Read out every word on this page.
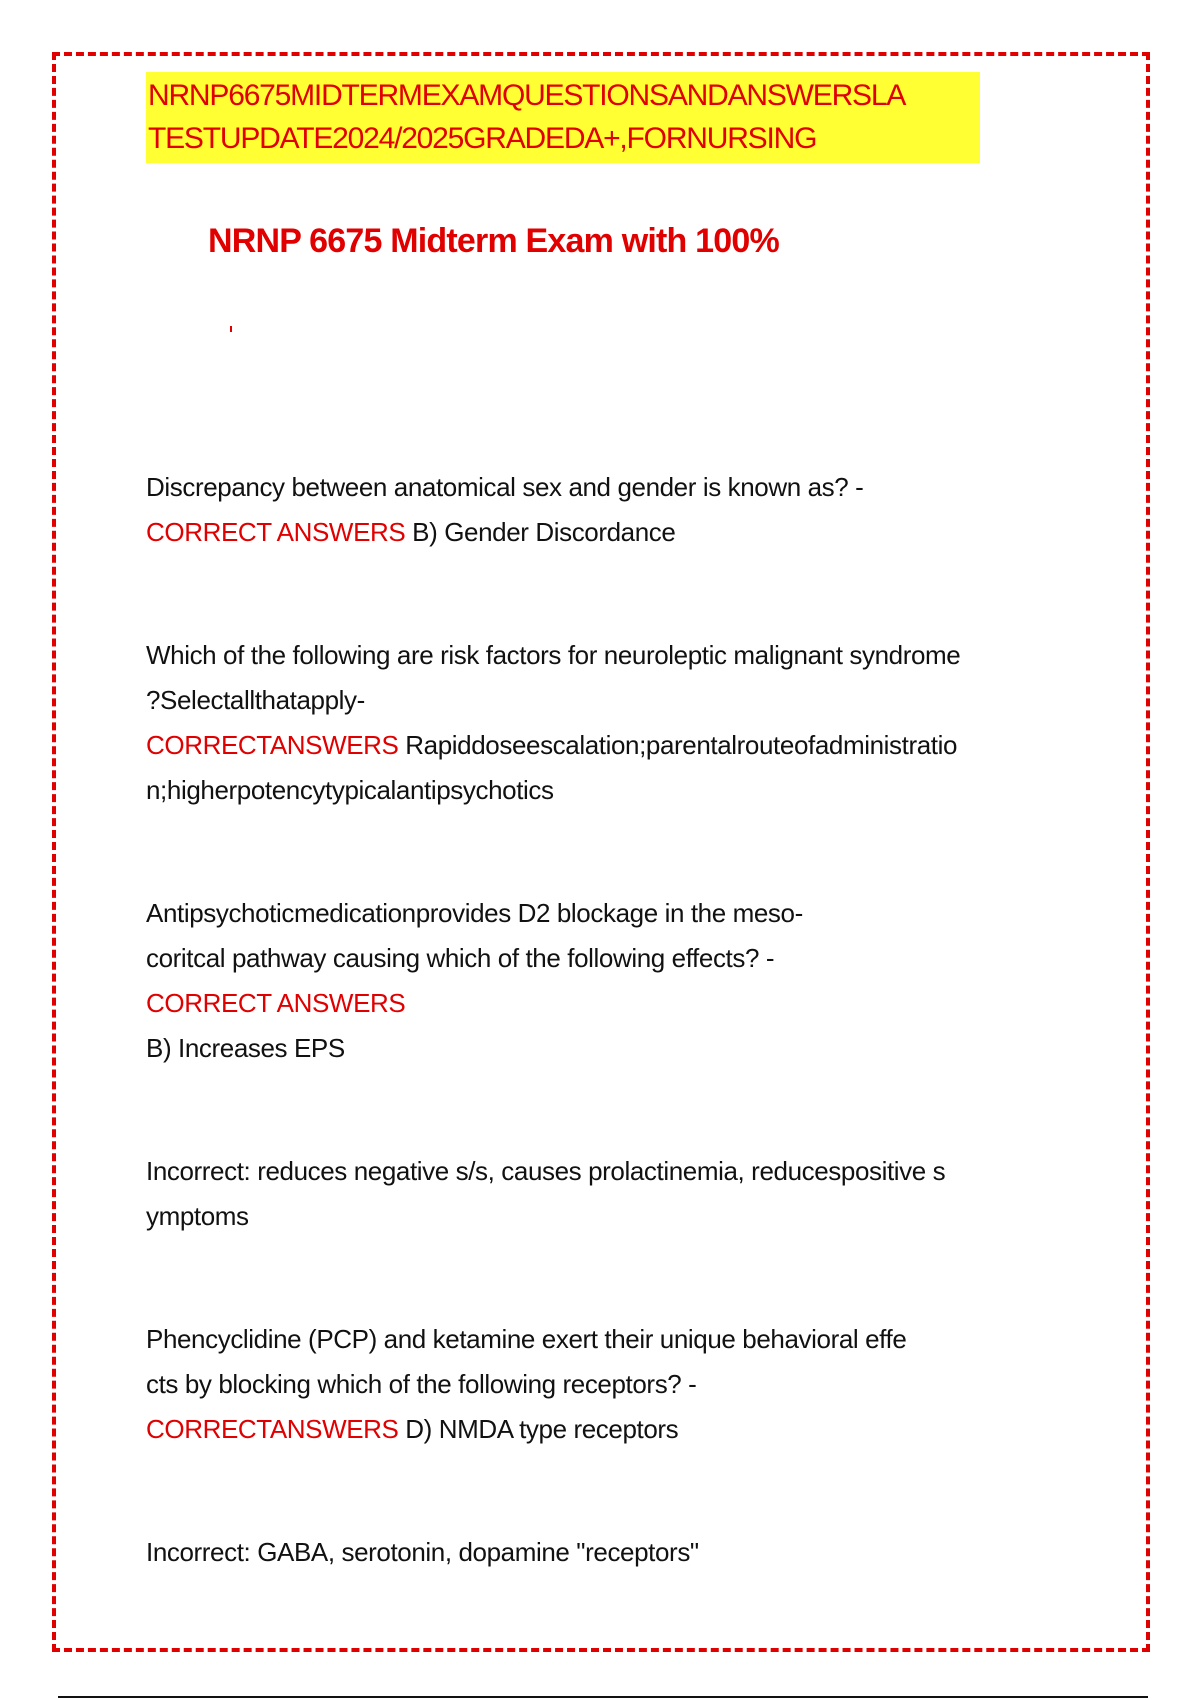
NRNP6675MIDTERMEXAMQUESTIONSANDANSWERSLA
TESTUPDATE2024/2025GRADEDA+,FORNURSING
NRNP 6675 Midterm Exam with 100%
Discrepancy between anatomical sex and gender is known as? -
CORRECT ANSWERS B) Gender Discordance
Which of the following are risk factors for neuroleptic malignant syndrome
?Selectallthatapply-
CORRECTANSWERS Rapiddoseescalation;parentalrouteofadministratio
n;higherpotencytypicalantipsychotics
Antipsychoticmedicationprovides D2 blockage in the meso-
coritcal pathway causing which of the following effects? -
CORRECT ANSWERS
B) Increases EPS
Incorrect: reduces negative s/s, causes prolactinemia, reducespositive s
ymptoms
Phencyclidine (PCP) and ketamine exert their unique behavioral effe
cts by blocking which of the following receptors? -
CORRECTANSWERS D) NMDA type receptors
Incorrect: GABA, serotonin, dopamine "receptors"
